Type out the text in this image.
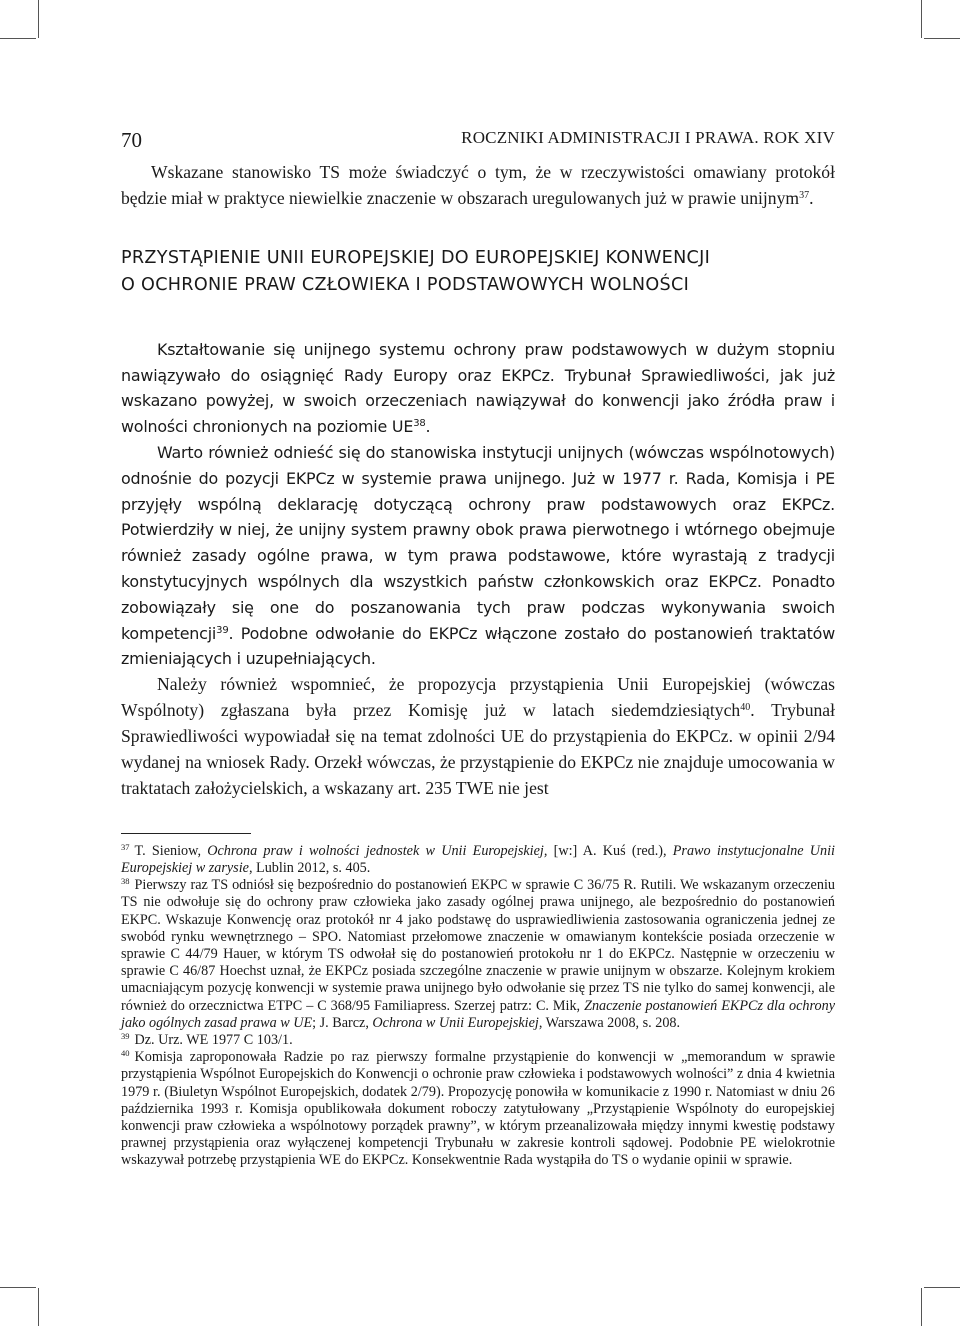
70	ROCZNIKI ADMINISTRACJI I PRAWA. ROK XIV

Wskazane stanowisko TS może świadczyć o tym, że w rzeczywistości omawiany protokół będzie miał w praktyce niewielkie znaczenie w obszarach uregulowanych już w prawie unijnym$^{37}$.

PRZYSTĄPIENIE UNII EUROPEJSKIEJ DO EUROPEJSKIEJ KONWENCJI
O OCHRONIE PRAW CZŁOWIEKA I PODSTAWOWYCH WOLNOŚCI

Kształtowanie się unijnego systemu ochrony praw podstawowych w dużym stopniu nawiązywało do osiągnięć Rady Europy oraz EKPCz. Trybunał Sprawiedliwości, jak już wskazano powyżej, w swoich orzeczeniach nawiązywał do konwencji jako źródła praw i wolności chronionych na poziomie UE$^{38}$.

Warto również odnieść się do stanowiska instytucji unijnych (wówczas wspólnotowych) odnośnie do pozycji EKPCz w systemie prawa unijnego. Już w 1977 r. Rada, Komisja i PE przyjęły wspólną deklarację dotyczącą ochrony praw podstawowych oraz EKPCz. Potwierdziły w niej, że unijny system prawny obok prawa pierwotnego i wtórnego obejmuje również zasady ogólne prawa, w tym prawa podstawowe, które wyrastają z tradycji konstytucyjnych wspólnych dla wszystkich państw członkowskich oraz EKPCz. Ponadto zobowiązały się one do poszanowania tych praw podczas wykonywania swoich kompetencji$^{39}$. Podobne odwołanie do EKPCz włączone zostało do postanowień traktatów zmieniających i uzupełniających.

Należy również wspomnieć, że propozycja przystąpienia Unii Europejskiej (wówczas Wspólnoty) zgłaszana była przez Komisję już w latach siedemdziesiątych$^{40}$. Trybunał Sprawiedliwości wypowiadał się na temat zdolności UE do przystąpienia do EKPCz. w opinii 2/94 wydanej na wniosek Rady. Orzekł wówczas, że przystąpienie do EKPCz nie znajduje umocowania w traktatach założycielskich, a wskazany art. 235 TWE nie jest

$^{37}$ T. Sieniow, Ochrona praw i wolności jednostek w Unii Europejskiej, [w:] A. Kuś (red.), Prawo instytucjonalne Unii Europejskiej w zarysie, Lublin 2012, s. 405.

$^{38}$ Pierwszy raz TS odniósł się bezpośrednio do postanowień EKPC w sprawie C 36/75 R. Rutili. We wskazanym orzeczeniu TS nie odwołuje się do ochrony praw człowieka jako zasady ogólnej prawa unijnego, ale bezpośrednio do postanowień EKPC. Wskazuje Konwencję oraz protokół nr 4 jako podstawę do usprawiedliwienia zastosowania ograniczenia jednej ze swobód rynku wewnętrznego – SPO. Natomiast przełomowe znaczenie w omawianym kontekście posiada orzeczenie w sprawie C 44/79 Hauer, w którym TS odwołał się do postanowień protokołu nr 1 do EKPCz. Następnie w orzeczeniu w sprawie C 46/87 Hoechst uznał, że EKPCz posiada szczególne znaczenie w prawie unijnym w obszarze. Kolejnym krokiem umacniającym pozycję konwencji w systemie prawa unijnego było odwołanie się przez TS nie tylko do samej konwencji, ale również do orzecznictwa ETPC – C 368/95 Familiapress. Szerzej patrz: C. Mik, Znaczenie postanowień EKPCz dla ochrony jako ogólnych zasad prawa w UE; J. Barcz, Ochrona w Unii Europejskiej, Warszawa 2008, s. 208.

$^{39}$ Dz. Urz. WE 1977 C 103/1.

$^{40}$ Komisja zaproponowała Radzie po raz pierwszy formalne przystąpienie do konwencji w „memorandum w sprawie przystąpienia Wspólnot Europejskich do Konwencji o ochronie praw człowieka i podstawowych wolności” z dnia 4 kwietnia 1979 r. (Biuletyn Wspólnot Europejskich, dodatek 2/79). Propozycję ponowiła w komunikacie z 1990 r. Natomiast w dniu 26 października 1993 r. Komisja opublikowała dokument roboczy zatytułowany „Przystąpienie Wspólnoty do europejskiej konwencji praw człowieka a wspólnotowy porządek prawny”, w którym przeanalizowała między innymi kwestię podstawy prawnej przystąpienia oraz wyłączenej kompetencji Trybunału w zakresie kontroli sądowej. Podobnie PE wielokrotnie wskazywał potrzebę przystąpienia WE do EKPCz. Konsekwentnie Rada wystąpiła do TS o wydanie opinii w sprawie.
